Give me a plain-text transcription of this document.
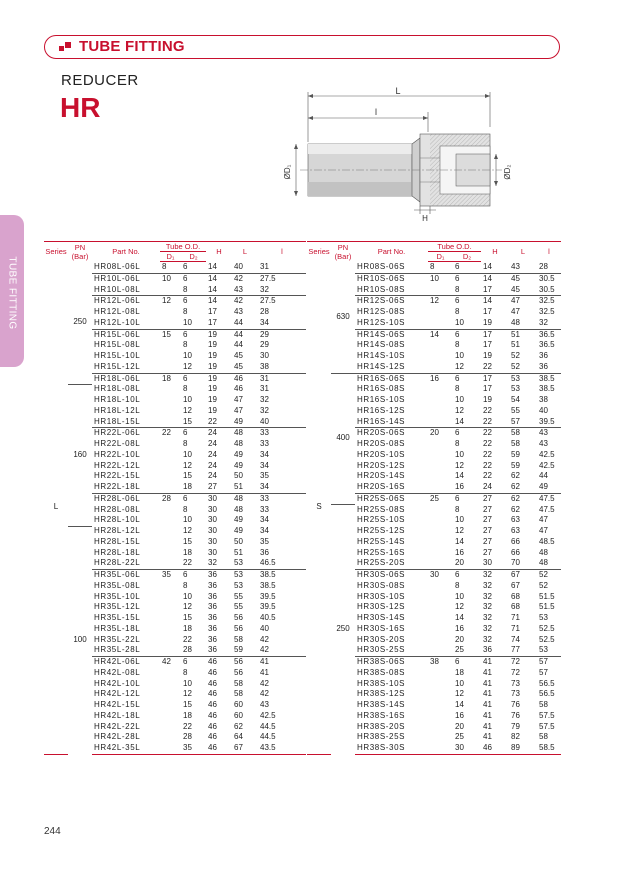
TUBE FITTING
REDUCER
HR
TUBE FITTING
L
l
ØD₁	ØD₂
H
Series	PN (Bar)	Part No.	Tube O.D.		H	L	l
			D₁	D₂			
L	250	HR08L-06L	8	6	14	40	31
		HR10L-06L	10	6	14	42	27.5
		HR10L-08L		8	14	43	32
		HR12L-06L	12	6	14	42	27.5
		HR12L-08L		8	17	43	28
		HR12L-10L		10	17	44	34
		HR15L-06L	15	6	19	44	29
		HR15L-08L		8	19	44	29
		HR15L-10L		10	19	45	30
		HR15L-12L		12	19	45	38
		HR18L-06L	18	6	19	46	31
	160	HR18L-08L		8	19	46	31
		HR18L-10L		10	19	47	32
		HR18L-12L		12	19	47	32
		HR18L-15L		15	22	49	40
		HR22L-06L	22	6	24	48	33
		HR22L-08L		8	24	48	33
		HR22L-10L		10	24	49	34
		HR22L-12L		12	24	49	34
		HR22L-15L		15	24	50	35
		HR22L-18L		18	27	51	34
		HR28L-06L	28	6	30	48	33
		HR28L-08L		8	30	48	33
		HR28L-10L		10	30	49	34
	100	HR28L-12L		12	30	49	34
		HR28L-15L		15	30	50	35
		HR28L-18L		18	30	51	36
		HR28L-22L		22	32	53	46.5
		HR35L-06L	35	6	36	53	38.5
		HR35L-08L		8	36	53	38.5
		HR35L-10L		10	36	55	39.5
		HR35L-12L		12	36	55	39.5
		HR35L-15L		15	36	56	40.5
		HR35L-18L		18	36	56	40
		HR35L-22L		22	36	58	42
		HR35L-28L		28	36	59	42
		HR42L-06L	42	6	46	56	41
		HR42L-08L		8	46	56	41
		HR42L-10L		10	46	58	42
		HR42L-12L		12	46	58	42
		HR42L-15L		15	46	60	43
		HR42L-18L		18	46	60	42.5
		HR42L-22L		22	46	62	44.5
		HR42L-28L		28	46	64	44.5
		HR42L-35L		35	46	67	43.5
Series	PN (Bar)	Part No.	Tube O.D.		H	L	l
			D₁	D₂			
S	630	HR08S-06S	8	6	14	43	28
		HR10S-06S	10	6	14	45	30.5
		HR10S-08S		8	17	45	30.5
		HR12S-06S	12	6	14	47	32.5
		HR12S-08S		8	17	47	32.5
		HR12S-10S		10	19	48	32
		HR14S-06S	14	6	17	51	36.5
		HR14S-08S		8	17	51	36.5
		HR14S-10S		10	19	52	36
		HR14S-12S		12	22	52	36
	400	HR16S-06S	16	6	17	53	38.5
		HR16S-08S		8	17	53	38.5
		HR16S-10S		10	19	54	38
		HR16S-12S		12	22	55	40
		HR16S-14S		14	22	57	39.5
		HR20S-06S	20	6	22	58	43
		HR20S-08S		8	22	58	43
		HR20S-10S		10	22	59	42.5
		HR20S-12S		12	22	59	42.5
		HR20S-14S		14	22	62	44
		HR20S-16S		16	24	62	49
		HR25S-06S	25	6	27	62	47.5
	250	HR25S-08S		8	27	62	47.5
		HR25S-10S		10	27	63	47
		HR25S-12S		12	27	63	47
		HR25S-14S		14	27	66	48.5
		HR25S-16S		16	27	66	48
		HR25S-20S		20	30	70	48
		HR30S-06S	30	6	32	67	52
		HR30S-08S		8	32	67	52
		HR30S-10S		10	32	68	51.5
		HR30S-12S		12	32	68	51.5
		HR30S-14S		14	32	71	53
		HR30S-16S		16	32	71	52.5
		HR30S-20S		20	32	74	52.5
		HR30S-25S		25	36	77	53
		HR38S-06S	38	6	41	72	57
		HR38S-08S		18	41	72	57
		HR38S-10S		10	41	73	56.5
		HR38S-12S		12	41	73	56.5
		HR38S-14S		14	41	76	58
		HR38S-16S		16	41	76	57.5
		HR38S-20S		20	41	79	57.5
		HR38S-25S		25	41	82	58
		HR38S-30S		30	46	89	58.5
244
